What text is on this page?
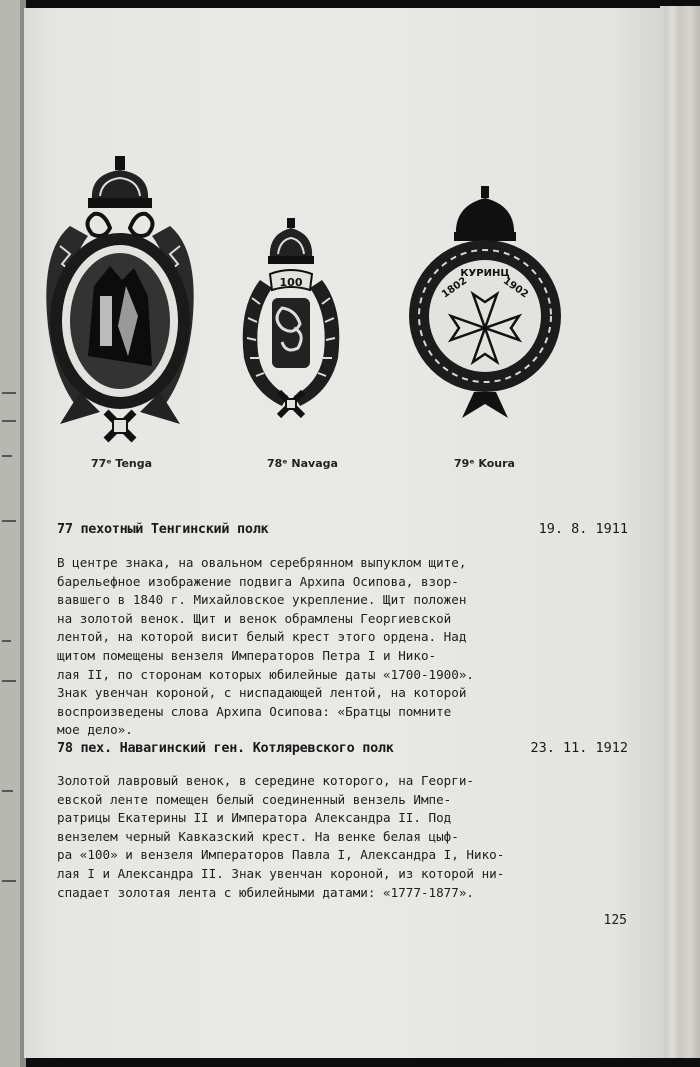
100
КУРИНЦ
1802	1902
77ᵉ Tenga	78ᵉ Navaga	79ᵉ Koura
77 пехотный Тенгинский полк	19. 8. 1911
В центре знака, на овальном серебрянном выпуклом щите,
барельефное изображение подвига Архипа Осипова, взор-
вавшего в 1840 г. Михайловское укрепление. Щит положен
на золотой венок. Щит и венок обрамлены Георгиевской
лентой, на которой висит белый крест этого ордена. Над
щитом помещены вензеля Императоров Петра I и Нико-
лая II, по сторонам которых юбилейные даты «1700-1900».
Знак увенчан короной, с ниспадающей лентой, на которой
воспроизведены слова Архипа Осипова: «Братцы помните
мое дело».
78 пех. Навагинский ген. Котляревского полк	23. 11. 1912
Золотой лавровый венок, в середине которого, на Георги-
евской ленте помещен белый соединенный вензель Импе-
ратрицы Екатерины II и Императора Александра II. Под
вензелем черный Кавказский крест. На венке белая цыф-
ра «100» и вензеля Императоров Павла I, Александра I, Нико-
лая I и Александра II. Знак увенчан короной, из которой ни-
спадает золотая лента с юбилейными датами: «1777-1877».
125
